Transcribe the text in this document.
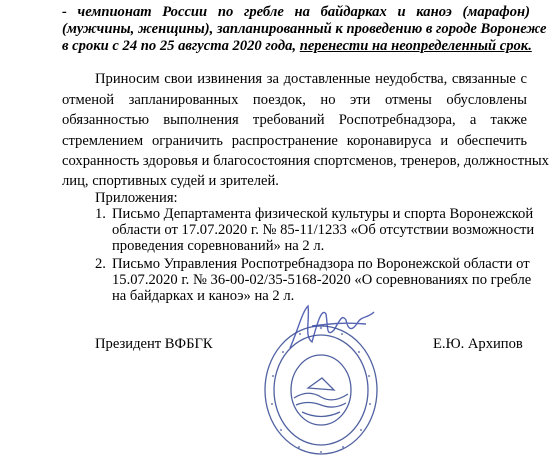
- чемпионат России по гребле на байдарках и каноэ (марафон)
(мужчины, женщины), запланированный к проведению в городе Воронеже
в сроки с 24 по 25 августа 2020 года, перенести на неопределенный срок.
Приносим свои извинения за доставленные неудобства, связанные с
отменой запланированных поездок, но эти отмены обусловлены
обязанностью выполнения требований Роспотребнадзора, а также
стремлением ограничить распространение коронавируса и обеспечить
сохранность здоровья и благосостояния спортсменов, тренеров, должностных
лиц, спортивных судей и зрителей.
Приложения:
1. Письмо Департамента физической культуры и спорта Воронежской
области от 17.07.2020 г. № 85-11/1233 «Об отсутствии возможности
проведения соревнований» на 2 л.
2. Письмо Управления Роспотребнадзора по Воронежской области от
15.07.2020 г. № 36-00-02/35-5168-2020 «О соревнованиях по гребле
на байдарках и каноэ» на 2 л.
Президент ВФБГК	Е.Ю. Архипов
